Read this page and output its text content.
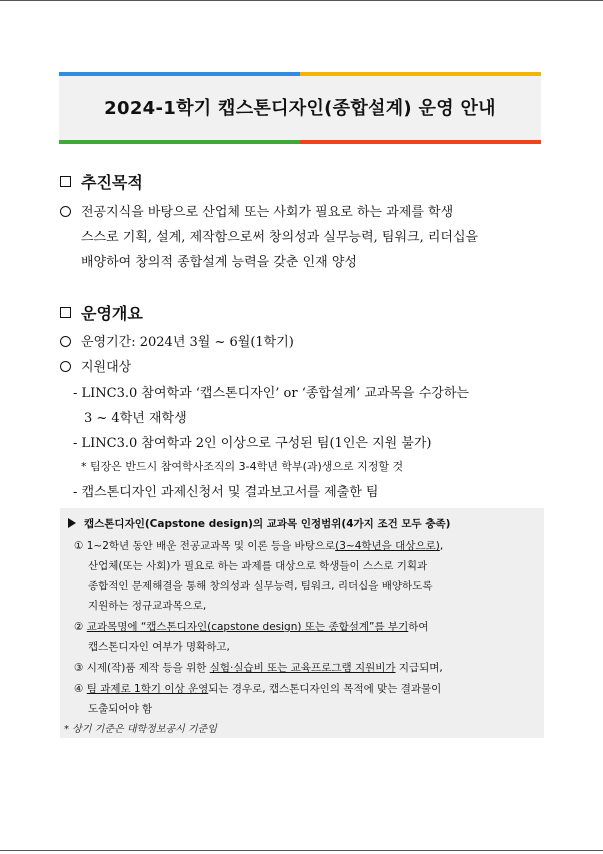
2024-1학기 캡스톤디자인(종합설계) 운영 안내
추진목적
전공지식을 바탕으로 산업체 또는 사회가 필요로 하는 과제를 학생
스스로 기획, 설계, 제작함으로써 창의성과 실무능력, 팀워크, 리더십을
배양하여 창의적 종합설계 능력을 갖춘 인재 양성
운영개요
운영기간: 2024년 3월 ~ 6월(1학기)
지원대상
- LINC3.0 참여학과 ‘캡스톤디자인’ or ‘종합설계’ 교과목을 수강하는
3 ~ 4학년 재학생
- LINC3.0 참여학과 2인 이상으로 구성된 팀(1인은 지원 불가)
* 팀장은 반드시 참여학사조직의 3-4학년 학부(과)생으로 지정할 것
- 캡스톤디자인 과제신청서 및 결과보고서를 제출한 팀
캡스톤디자인(Capstone design)의 교과목 인정범위(4가지 조건 모두 충족)
① 1~2학년 동안 배운 전공교과목 및 이론 등을 바탕으로(3~4학년을 대상으로),
산업체(또는 사회)가 필요로 하는 과제를 대상으로 학생들이 스스로 기획과
종합적인 문제해결을 통해 창의성과 실무능력, 팀워크, 리더십을 배양하도록
지원하는 정규교과목으로,
② 교과목명에 “캡스톤디자인(capstone design) 또는 종합설계”를 부기하여
캡스톤디자인 여부가 명확하고,
③ 시제(작)품 제작 등을 위한 실험·실습비 또는 교육프로그램 지원비가 지급되며,
④ 팀 과제로 1학기 이상 운영되는 경우로, 캡스톤디자인의 목적에 맞는 결과물이
도출되어야 함
* 상기 기준은 대학정보공시 기준임
